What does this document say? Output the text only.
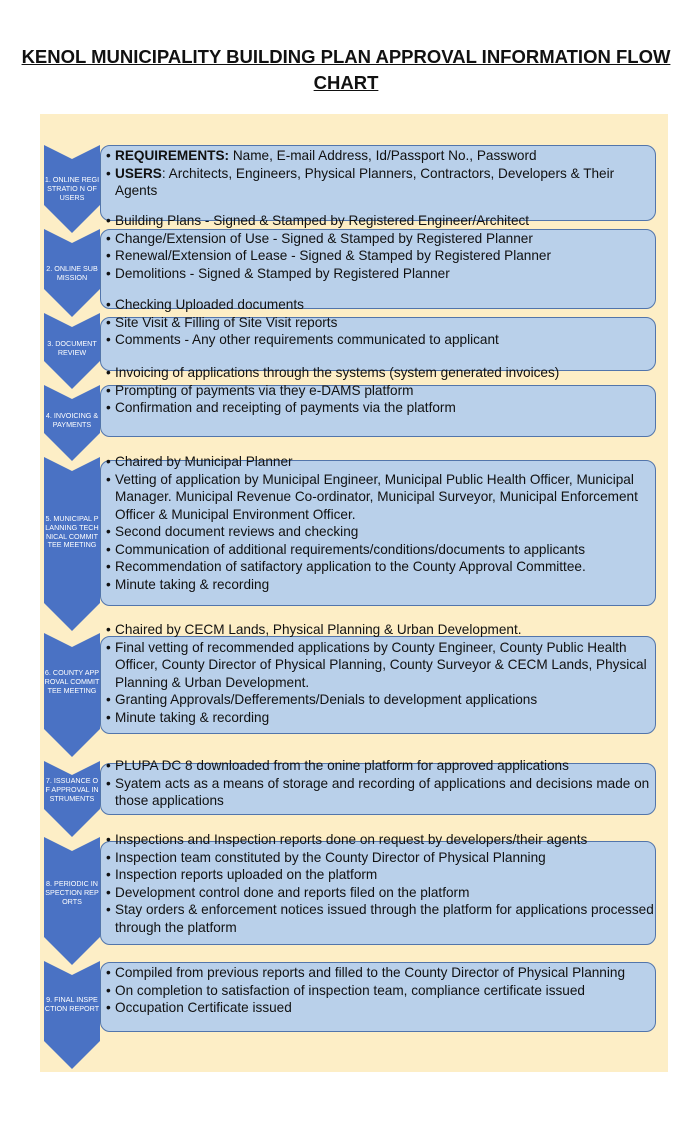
KENOL MUNICIPALITY BUILDING PLAN APPROVAL INFORMATION FLOW
CHART
1. ONLINE REGISTRATIO N OF USERS
• REQUIREMENTS: Name, E-mail Address, Id/Passport No., Password
• USERS: Architects, Engineers, Physical Planners, Contractors, Developers & Their Agents
2. ONLINE SUBMISSION
• Building Plans - Signed & Stamped by Registered Engineer/Architect
• Change/Extension of Use - Signed & Stamped by Registered Planner
• Renewal/Extension of Lease - Signed & Stamped by Registered Planner
• Demolitions - Signed & Stamped by Registered Planner
3. DOCUMENT REVIEW
• Checking Uploaded documents
• Site Visit & Filling of Site Visit reports
• Comments - Any other requirements communicated to applicant
4. INVOICING & PAYMENTS
• Invoicing of applications through the systems (system generated invoices)
• Prompting of payments via they e-DAMS platform
• Confirmation and receipting of payments via the platform
5. MUNICIPAL PLANNING TECHNICAL COMMITTEE MEETING
• Chaired by Municipal Planner
• Vetting of application by Municipal Engineer, Municipal Public Health Officer, Municipal Manager. Municipal Revenue Co-ordinator, Municipal Surveyor, Municipal Enforcement Officer & Municipal Environment Officer.
• Second document reviews and checking
• Communication of additional requirements/conditions/documents to applicants
• Recommendation of satifactory application to the County Approval Committee.
• Minute taking & recording
6. COUNTY APPROVAL COMMITTEE MEETING
• Chaired by CECM Lands, Physical Planning & Urban Development.
• Final vetting of recommended applications by County Engineer, County Public Health Officer, County Director of Physical Planning, County Surveyor & CECM Lands, Physical Planning & Urban Development.
• Granting Approvals/Defferements/Denials to development applications
• Minute taking & recording
7. ISSUANCE OF APPROVAL INSTRUMENTS
• PLUPA DC 8 downloaded from the onine platform for approved applications
• Syatem acts as a means of storage and recording of applications and decisions made on those applications
8. PERIODIC INSPECTION REPORTS
• Inspections and Inspection reports done on request by developers/their agents
• Inspection team constituted by the County Director of Physical Planning
• Inspection reports uploaded on the platform
• Development control done and reports filed on the platform
• Stay orders & enforcement notices issued through the platform for applications processed through the platform
9. FINAL INSPECTION REPORT
• Compiled from previous reports and filled to the County Director of Physical Planning
• On completion to satisfaction of inspection team, compliance certificate issued
• Occupation Certificate issued
